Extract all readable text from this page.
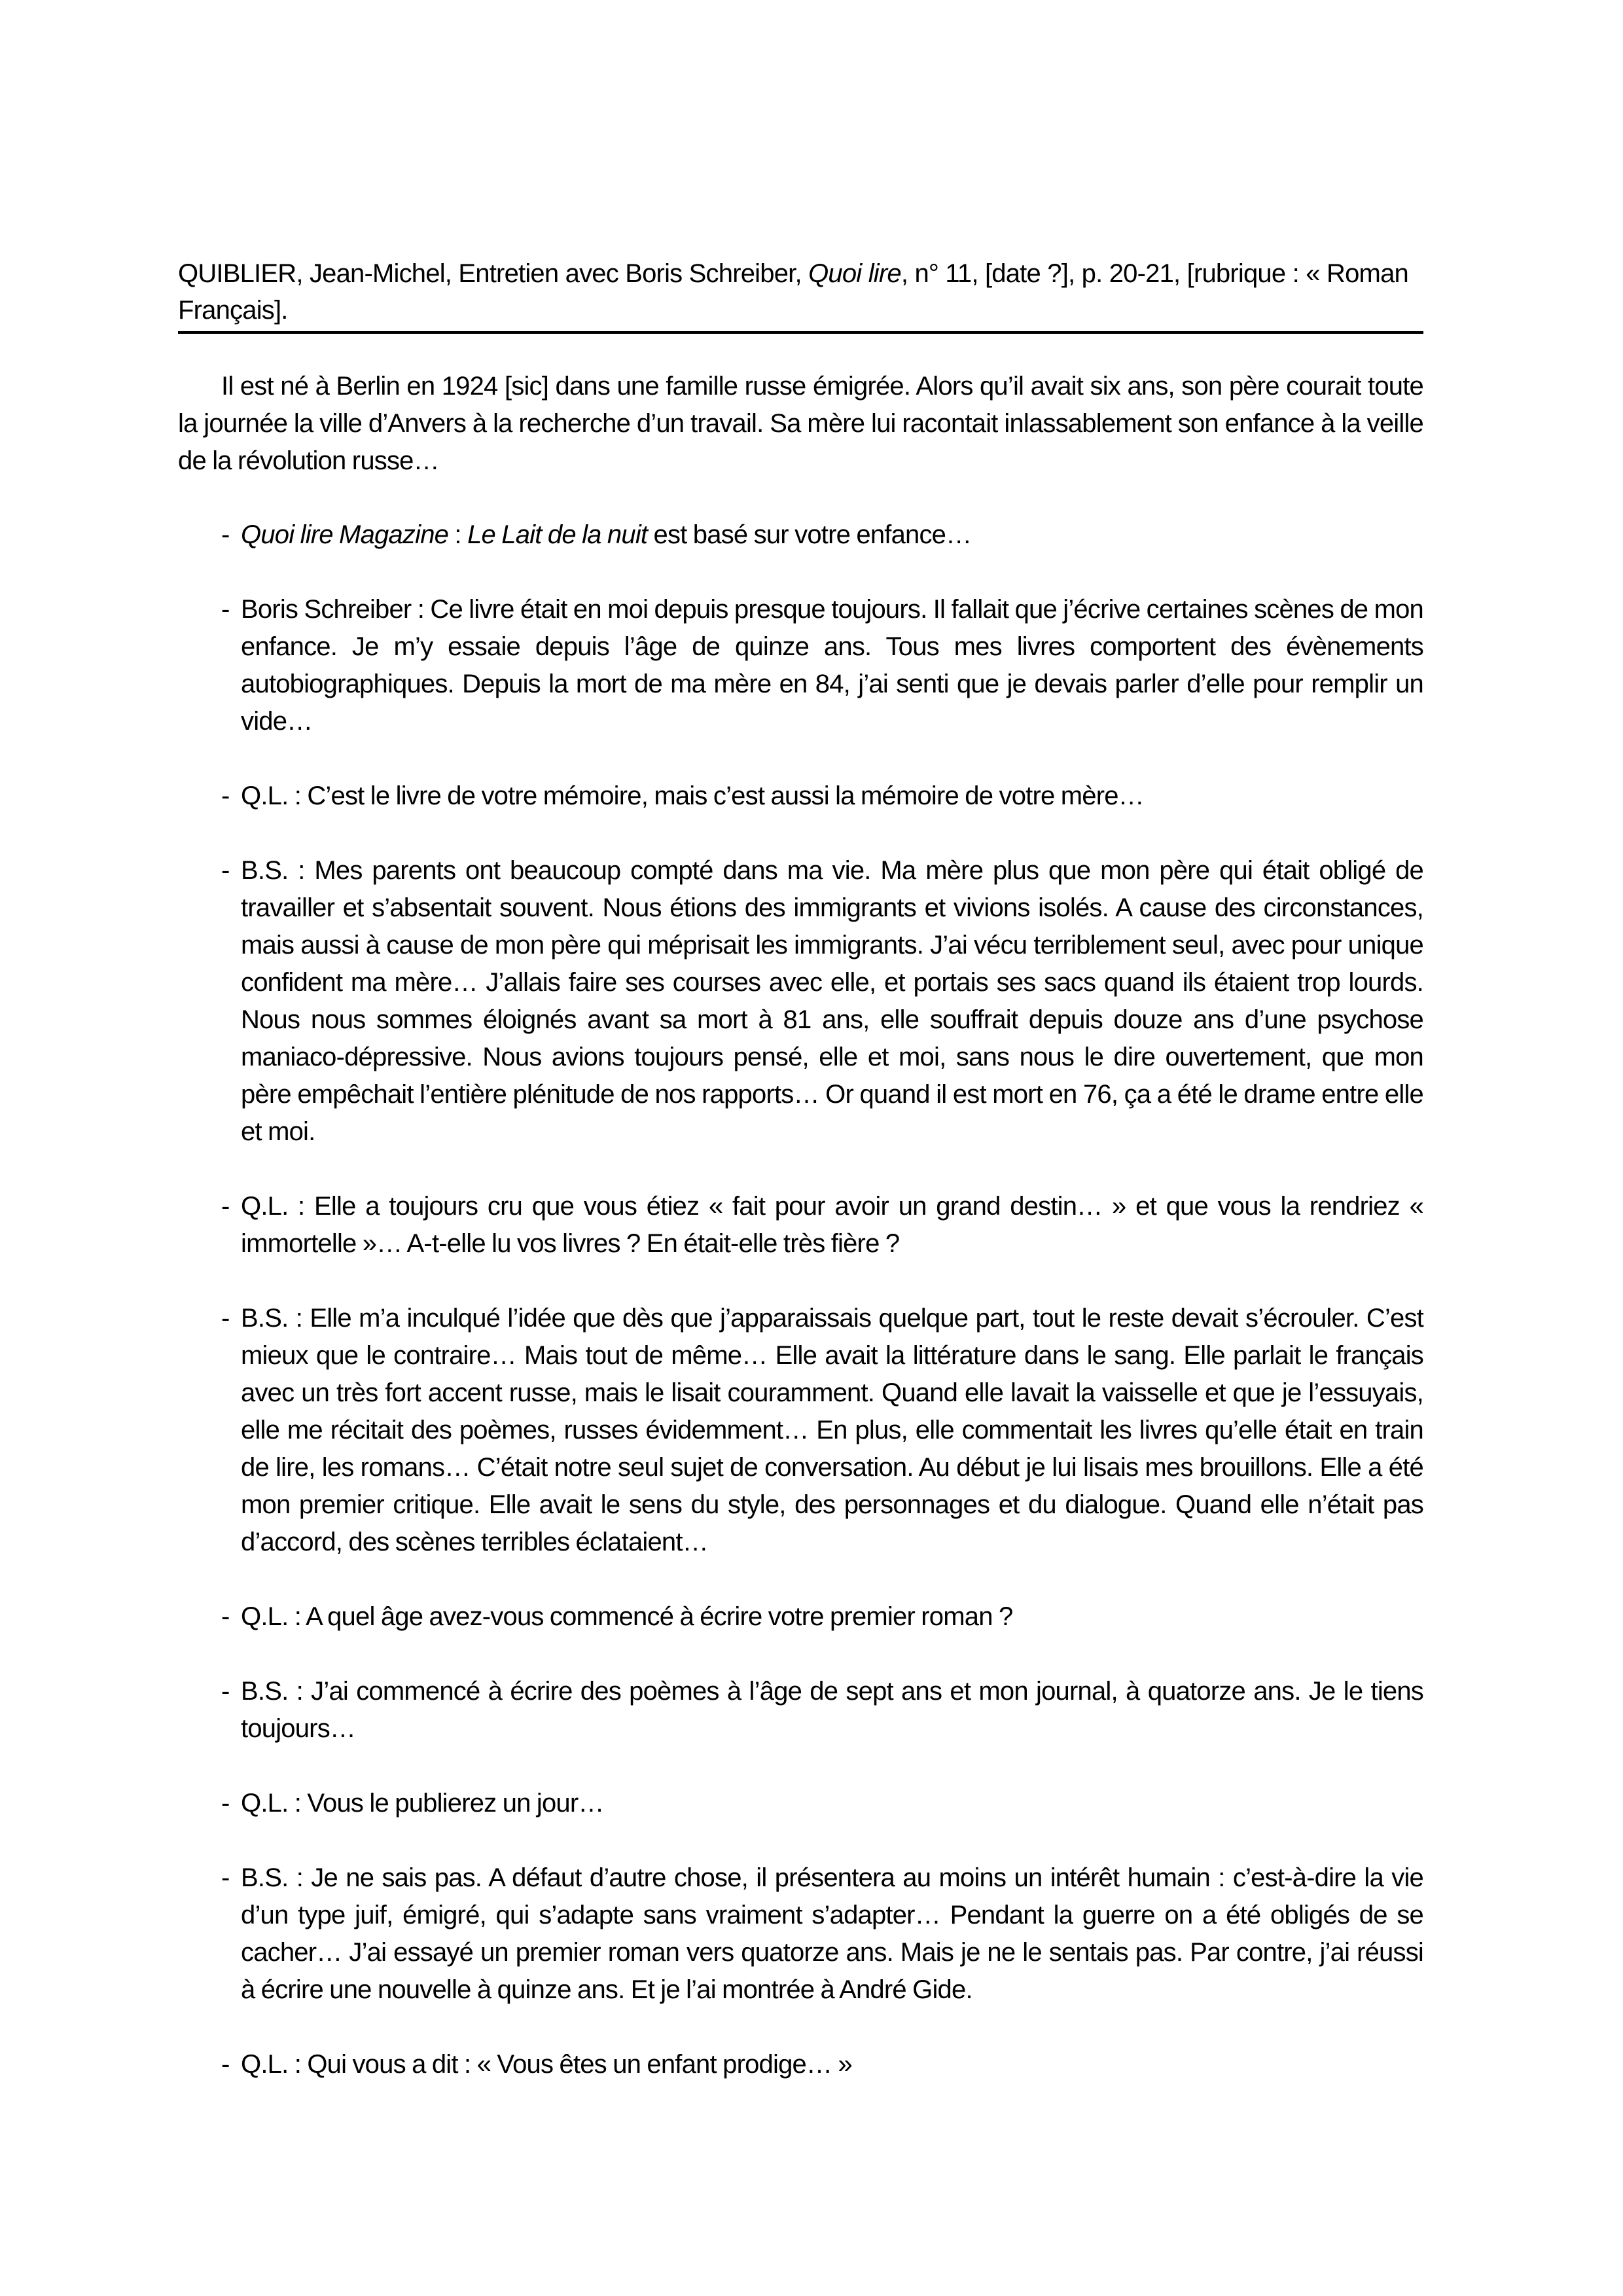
QUIBLIER, Jean-Michel, Entretien avec Boris Schreiber, Quoi lire, n° 11, [date ?], p. 20-21, [rubrique : « Roman Français].

Il est né à Berlin en 1924 [sic] dans une famille russe émigrée. Alors qu’il avait six ans, son père courait toute la journée la ville d’Anvers à la recherche d’un travail. Sa mère lui racontait inlassablement son enfance à la veille de la révolution russe…

- Quoi lire Magazine : Le Lait de la nuit est basé sur votre enfance…
- Boris Schreiber : Ce livre était en moi depuis presque toujours. Il fallait que j’écrive certaines scènes de mon enfance. Je m’y essaie depuis l’âge de quinze ans. Tous mes livres comportent des évènements autobiographiques. Depuis la mort de ma mère en 84, j’ai senti que je devais parler d’elle pour remplir un vide…
- Q.L. : C’est le livre de votre mémoire, mais c’est aussi la mémoire de votre mère…
- B.S. : Mes parents ont beaucoup compté dans ma vie. Ma mère plus que mon père qui était obligé de travailler et s’absentait souvent. Nous étions des immigrants et vivions isolés. A cause des circonstances, mais aussi à cause de mon père qui méprisait les immigrants. J’ai vécu terriblement seul, avec pour unique confident ma mère… J’allais faire ses courses avec elle, et portais ses sacs quand ils étaient trop lourds. Nous nous sommes éloignés avant sa mort à 81 ans, elle souffrait depuis douze ans d’une psychose maniaco-dépressive. Nous avions toujours pensé, elle et moi, sans nous le dire ouvertement, que mon père empêchait l’entière plénitude de nos rapports… Or quand il est mort en 76, ça a été le drame entre elle et moi.
- Q.L. : Elle a toujours cru que vous étiez « fait pour avoir un grand destin… » et que vous la rendriez « immortelle »… A-t-elle lu vos livres ? En était-elle très fière ?
- B.S. : Elle m’a inculqué l’idée que dès que j’apparaissais quelque part, tout le reste devait s’écrouler. C’est mieux que le contraire… Mais tout de même… Elle avait la littérature dans le sang. Elle parlait le français avec un très fort accent russe, mais le lisait couramment. Quand elle lavait la vaisselle et que je l’essuyais, elle me récitait des poèmes, russes évidemment… En plus, elle commentait les livres qu’elle était en train de lire, les romans… C’était notre seul sujet de conversation. Au début je lui lisais mes brouillons. Elle a été mon premier critique. Elle avait le sens du style, des personnages et du dialogue. Quand elle n’était pas d’accord, des scènes terribles éclataient…
- Q.L. : A quel âge avez-vous commencé à écrire votre premier roman ?
- B.S. : J’ai commencé à écrire des poèmes à l’âge de sept ans et mon journal, à quatorze ans. Je le tiens toujours…
- Q.L. : Vous le publierez un jour…
- B.S. : Je ne sais pas. A défaut d’autre chose, il présentera au moins un intérêt humain : c’est-à-dire la vie d’un type juif, émigré, qui s’adapte sans vraiment s’adapter… Pendant la guerre on a été obligés de se cacher… J’ai essayé un premier roman vers quatorze ans. Mais je ne le sentais pas. Par contre, j’ai réussi à écrire une nouvelle à quinze ans. Et je l’ai montrée à André Gide.
- Q.L. : Qui vous a dit : « Vous êtes un enfant prodige… »
